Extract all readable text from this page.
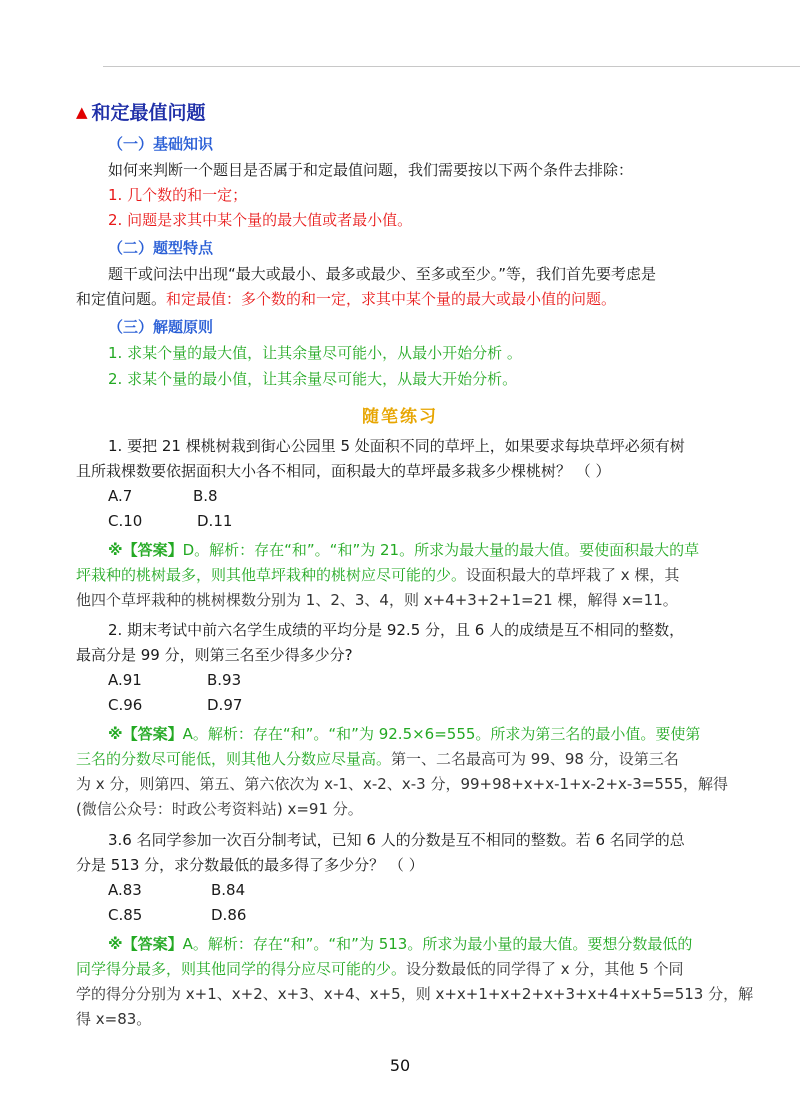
▲ 和定最值问题
（一）基础知识
如何来判断一个题目是否属于和定最值问题，我们需要按以下两个条件去排除：
1. 几个数的和一定；
2. 问题是求其中某个量的最大值或者最小值。
（二）题型特点
题干或问法中出现“最大或最小、最多或最少、至多或至少。”等，我们首先要考虑是
和定值问题。和定最值：多个数的和一定，求其中某个量的最大或最小值的问题。
（三）解题原则
1. 求某个量的最大值，让其余量尽可能小，从最小开始分析 。
2. 求某个量的最小值，让其余量尽可能大，从最大开始分析。
随笔练习
1. 要把 21 棵桃树栽到街心公园里 5 处面积不同的草坪上，如果要求每块草坪必须有树
且所栽棵数要依据面积大小各不相同，面积最大的草坪最多栽多少棵桃树？ （ ）
A.7	B.8
C.10	D.11
※【答案】D。解析：存在“和”。“和”为 21。所求为最大量的最大值。要使面积最大的草
坪栽种的桃树最多，则其他草坪栽种的桃树应尽可能的少。设面积最大的草坪栽了 x 棵，其
他四个草坪栽种的桃树棵数分别为 1、2、3、4，则 x+4+3+2+1=21 棵，解得 x=11。
2. 期末考试中前六名学生成绩的平均分是 92.5 分，且 6 人的成绩是互不相同的整数，
最高分是 99 分，则第三名至少得多少分?
A.91	B.93
C.96	D.97
※【答案】A。解析：存在“和”。“和”为 92.5×6=555。所求为第三名的最小值。要使第
三名的分数尽可能低，则其他人分数应尽量高。第一、二名最高可为 99、98 分，设第三名
为 x 分，则第四、第五、第六依次为 x-1、x-2、x-3 分，99+98+x+x-1+x-2+x-3=555，解得
(微信公众号：时政公考资料站) x=91 分。
3.6 名同学参加一次百分制考试，已知 6 人的分数是互不相同的整数。若 6 名同学的总
分是 513 分，求分数最低的最多得了多少分？ （ ）
A.83	B.84
C.85	D.86
※【答案】A。解析：存在“和”。“和”为 513。所求为最小量的最大值。要想分数最低的
同学得分最多，则其他同学的得分应尽可能的少。设分数最低的同学得了 x 分，其他 5 个同
学的得分分别为 x+1、x+2、x+3、x+4、x+5，则 x+x+1+x+2+x+3+x+4+x+5=513 分，解
得 x=83。
50
